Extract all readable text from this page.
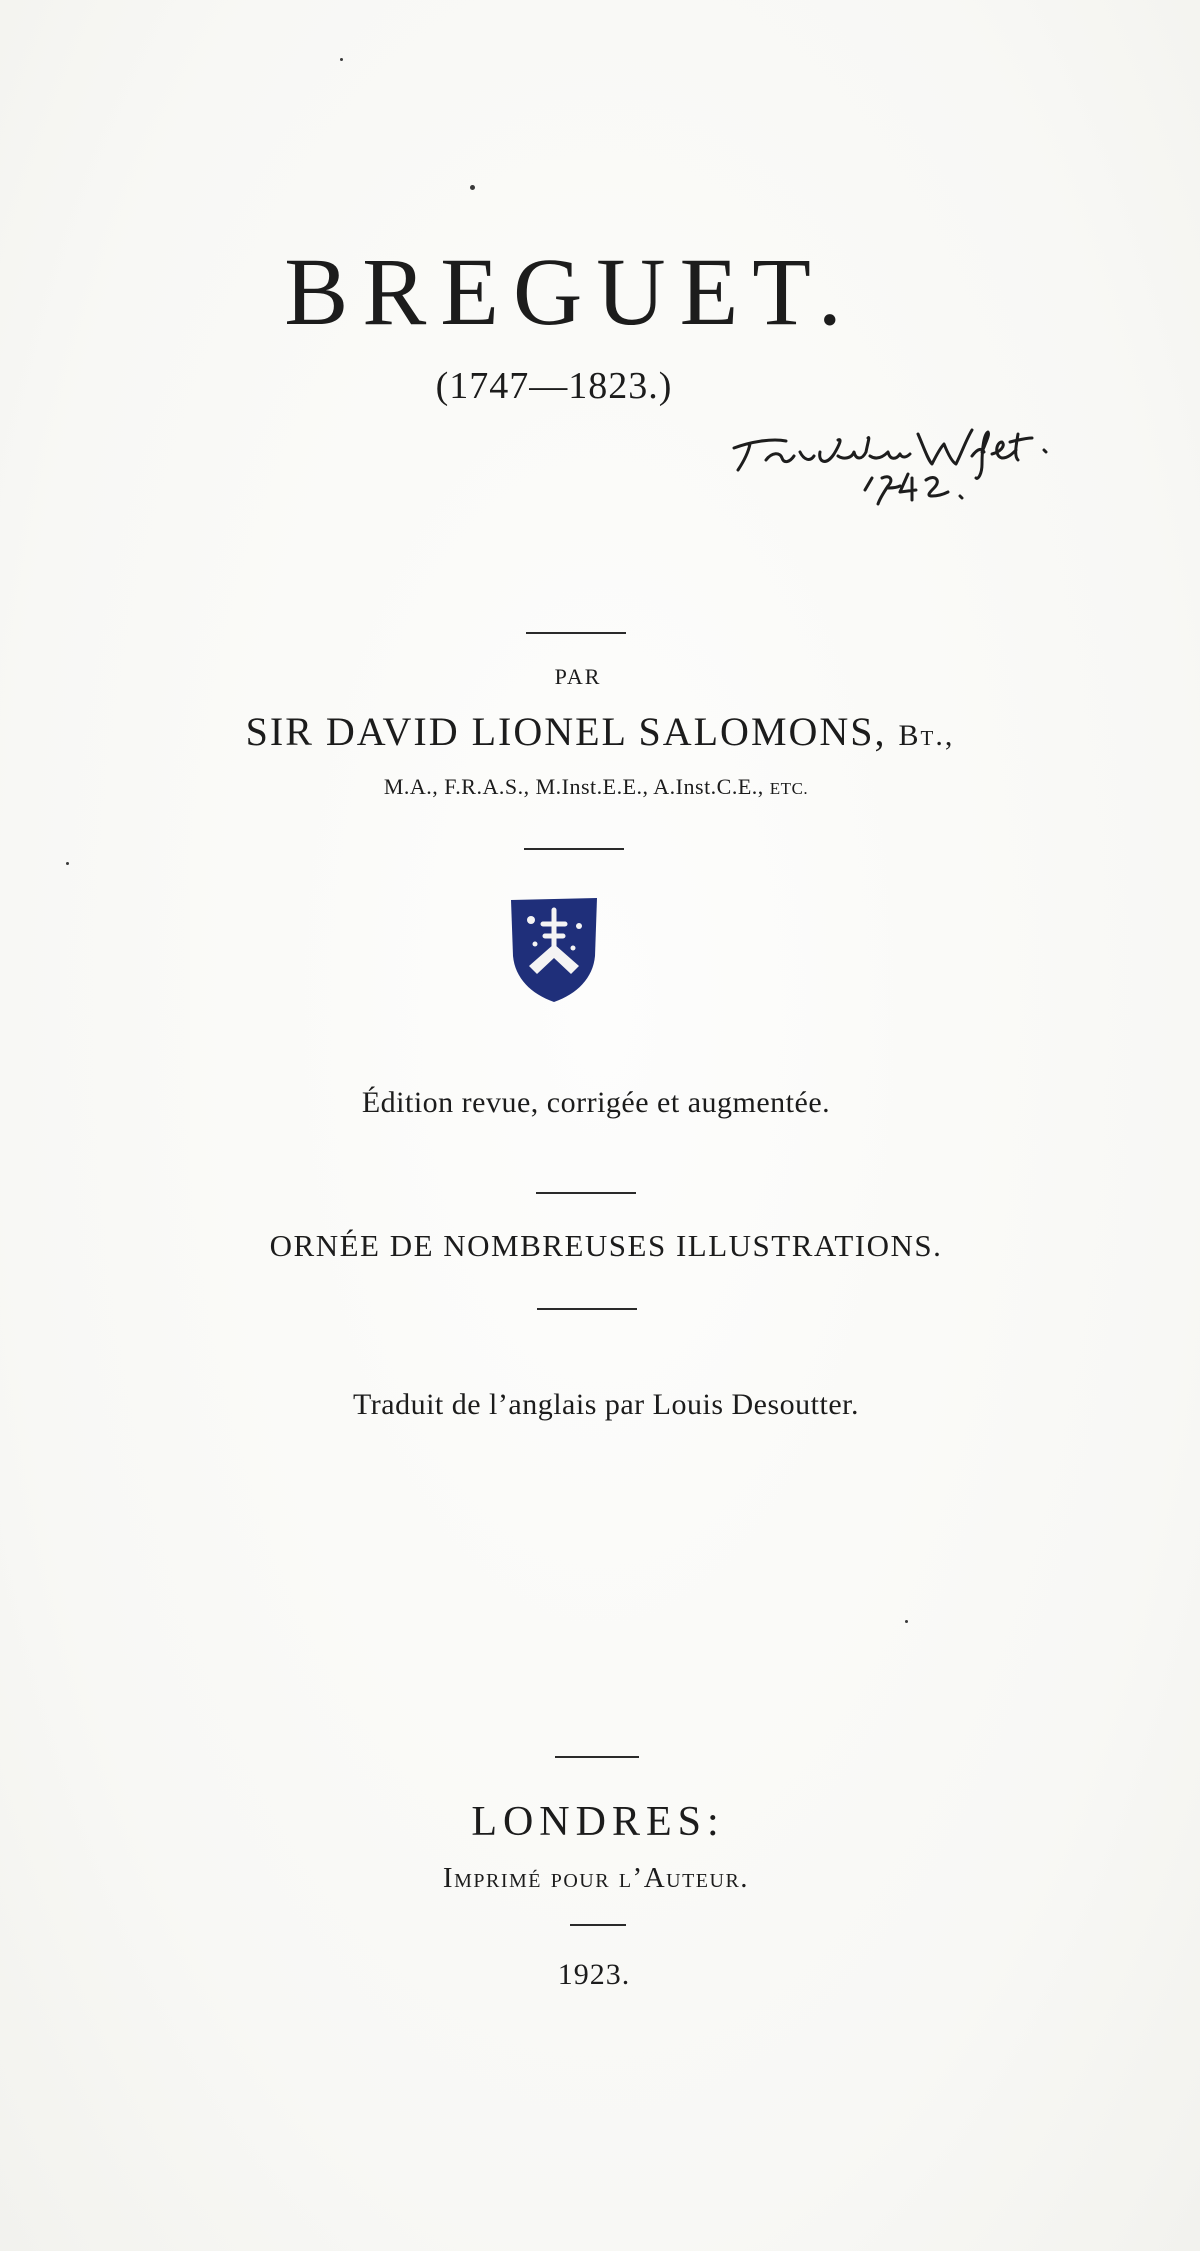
BREGUET.
(1747—1823.)
PAR
SIR DAVID LIONEL SALOMONS, Bt.,
M.A., F.R.A.S., M.Inst.E.E., A.Inst.C.E., ETC.
Édition revue, corrigée et augmentée.
ORNÉE DE NOMBREUSES ILLUSTRATIONS.
Traduit de l’anglais par Louis Desoutter.
LONDRES:
Imprimé pour l’Auteur.
1923.
